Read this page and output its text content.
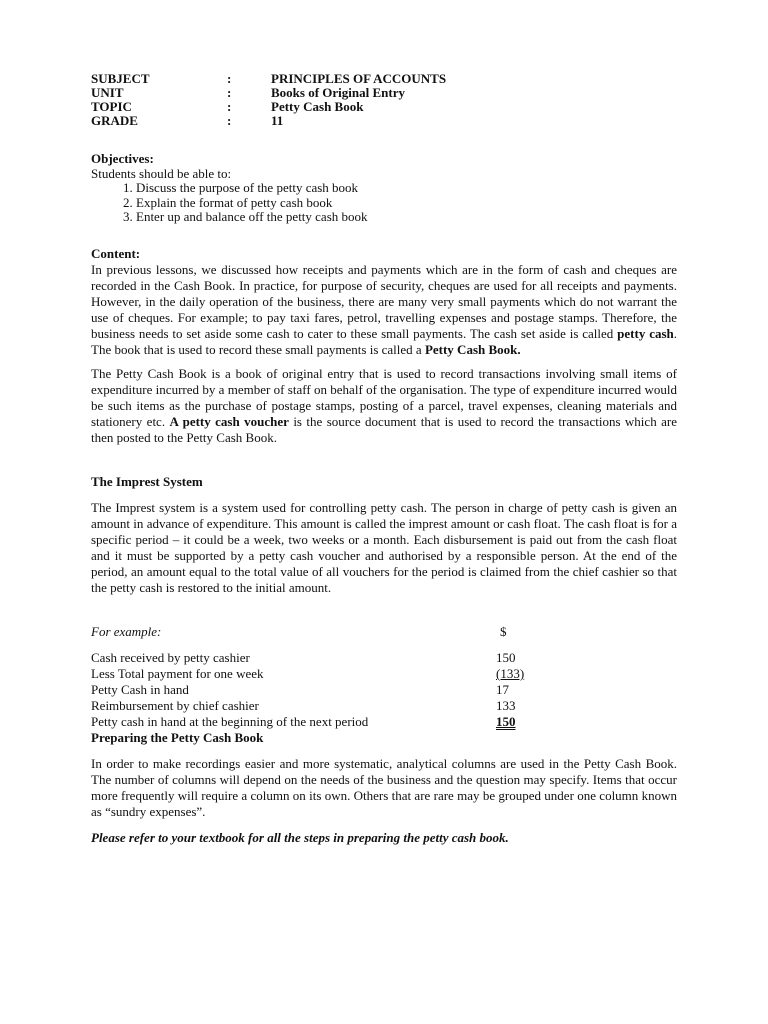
SUBJECT	:	PRINCIPLES OF ACCOUNTS
UNIT	:	Books of Original Entry
TOPIC	:	Petty Cash Book
GRADE	:	11
Objectives:
Students should be able to:
1. Discuss the purpose of the petty cash book
2. Explain the format of petty cash book
3. Enter up and balance off the petty cash book
Content:

In previous lessons, we discussed how receipts and payments which are in the form of cash and cheques are recorded in the Cash Book. In practice, for purpose of security, cheques are used for all receipts and payments. However, in the daily operation of the business, there are many very small payments which do not warrant the use of cheques. For example; to pay taxi fares, petrol, travelling expenses and postage stamps. Therefore, the business needs to set aside some cash to cater to these small payments. The cash set aside is called petty cash. The book that is used to record these small payments is called a Petty Cash Book.

The Petty Cash Book is a book of original entry that is used to record transactions involving small items of expenditure incurred by a member of staff on behalf of the organisation. The type of expenditure incurred would be such items as the purchase of postage stamps, posting of a parcel, travel expenses, cleaning materials and stationery etc. A petty cash voucher is the source document that is used to record the transactions which are then posted to the Petty Cash Book.

The Imprest System

The Imprest system is a system used for controlling petty cash. The person in charge of petty cash is given an amount in advance of expenditure. This amount is called the imprest amount or cash float. The cash float is for a specific period – it could be a week, two weeks or a month. Each disbursement is paid out from the cash float and it must be supported by a petty cash voucher and authorised by a responsible person. At the end of the period, an amount equal to the total value of all vouchers for the period is claimed from the chief cashier so that the petty cash is restored to the initial amount.

For example:	$
Cash received by petty cashier	150
Less Total payment for one week	(133)
Petty Cash in hand	17
Reimbursement by chief cashier	133
Petty cash in hand at the beginning of the next period	150
Preparing the Petty Cash Book

In order to make recordings easier and more systematic, analytical columns are used in the Petty Cash Book. The number of columns will depend on the needs of the business and the question may specify. Items that occur more frequently will require a column on its own. Others that are rare may be grouped under one column known as “sundry expenses”.

Please refer to your textbook for all the steps in preparing the petty cash book.
